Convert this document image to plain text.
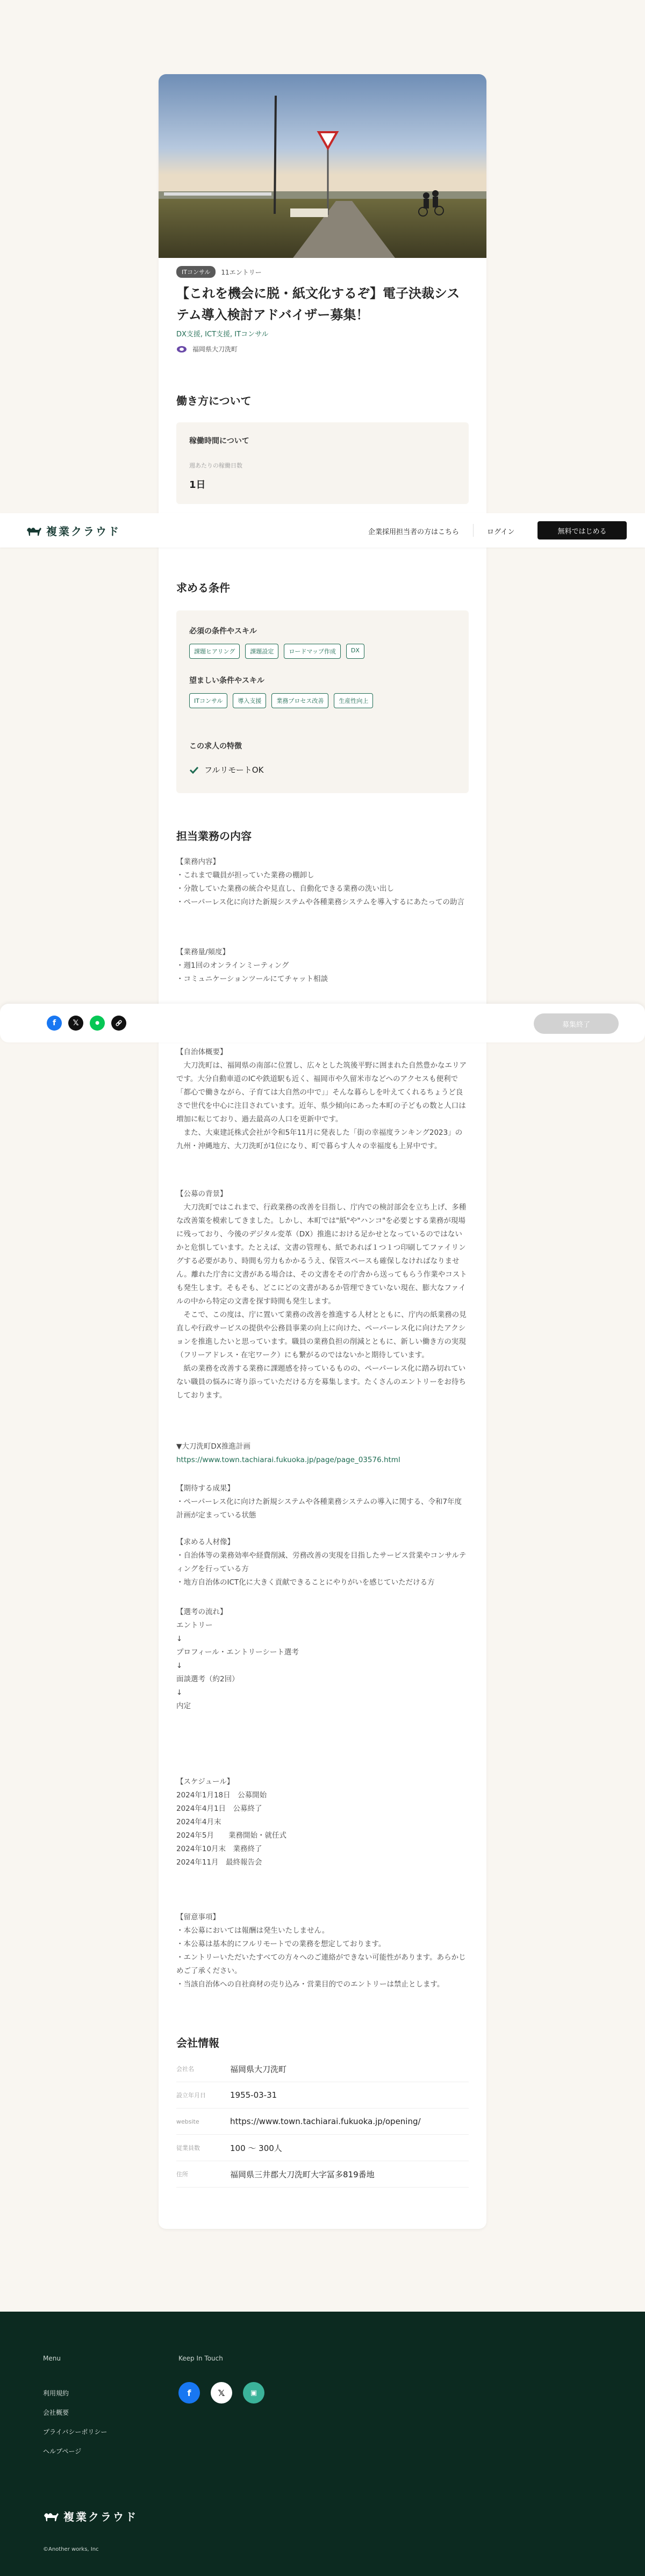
ITコンサル	11エントリー
【これを機会に脱・紙文化するぞ】電子決裁システム導入検討アドバイザー募集！
DX支援, ICT支援, ITコンサル
福岡県大刀洗町
働き方について
稼働時間について
週あたりの稼働日数
1日
求める条件
必須の条件やスキル
課題ヒアリング	課題設定	ロードマップ作成	DX
望ましい条件やスキル
ITコンサル	導入支援	業務プロセス改善	生産性向上
この求人の特徴
フルリモートOK
担当業務の内容
【業務内容】
・これまで職員が担っていた業務の棚卸し
・分散していた業務の統合や見直し、自動化できる業務の洗い出し
・ペーパーレス化に向けた新規システムや各種業務システムを導入するにあたっての助言
【業務量/頻度】
・週1回のオンラインミーティング
・コミュニケーションツールにてチャット相談
【自治体概要】
　大刀洗町は、福岡県の南部に位置し、広々とした筑後平野に囲まれた自然豊かなエリアです。大分自動車道のICや鉄道駅も近く、福岡市や久留米市などへのアクセスも便利で「都心で働きながら、子育ては大自然の中で」」そんな暮らしを叶えてくれるちょうど良さで世代を中心に注目されています。近年、県少傾向にあった本町の子どもの数と人口は増加に転じており、過去最高の人口を更新中です。
　また、大東建託株式会社が令和5年11月に発表した「街の幸福度ランキング2023」の九州・沖縄地方、大刀洗町が1位になり、町で暮らす人々の幸福度も上昇中です。
【公募の背景】
　大刀洗町ではこれまで、行政業務の改善を目指し、庁内での検討部会を立ち上げ、多種な改善策を模索してきました。しかし、本町では"紙"や"ハンコ"を必要とする業務が現場に残っており、今後のデジタル変革（DX）推進における足かせとなっているのではないかと危惧しています。たとえば、文書の管理も、紙であれば１つ１つ印刷してファイリングする必要があり、時間も労力もかかるうえ、保管スペースも確保しなければなりません。離れた庁舎に文書がある場合は、その文書をその庁舎から送ってもらう作業やコストも発生します。そもそも、どこにどの文書があるか管理できていない現在、膨大なファイルの中から特定の文書を探す時間も発生します。
　そこで、この度は、庁に置いて業務の改善を推進する人材とともに、庁内の紙業務の見直しや行政サービスの提供や公務員事業の向上に向けた、ペーパーレス化に向けたアクションを推進したいと思っています。職員の業務負担の削減とともに、新しい働き方の実現（フリーアドレス・在宅ワーク）にも繋がるのではないかと期待しています。
　紙の業務を改善する業務に課題感を持っているものの、ペーパーレス化に踏み切れていない職員の悩みに寄り添っていただける方を募集します。たくさんのエントリーをお待ちしております。
▼大刀洗町DX推進計画
https://www.town.tachiarai.fukuoka.jp/page/page_03576.html
【期待する成果】
・ペーパーレス化に向けた新規システムや各種業務システムの導入に関する、令和7年度計画が定まっている状態
【求める人材像】
・自治体等の業務効率や経費削減、労務改善の実現を目指したサービス営業やコンサルティングを行っている方
・地方自治体のICT化に大きく貢献できることにやりがいを感じていただける方
【選考の流れ】
エントリー
↓
プロフィール・エントリーシート選考
↓
面談選考（約2回）
↓
内定
【スケジュール】
2024年1月18日　公募開始
2024年4月1日　公募終了
2024年4月末
2024年5月　　業務開始・就任式
2024年10月末　業務終了
2024年11月　最終報告会
【留意事項】
・本公募においては報酬は発生いたしません。
・本公募は基本的にフルリモートでの業務を想定しております。
・エントリーいただいたすべての方々へのご連絡ができない可能性があります。あらかじめご了承ください。
・当該自治体への自社商材の売り込み・営業目的でのエントリーは禁止とします。
会社情報
会社名	福岡県大刀洗町
設立年月日	1955-03-31
website	https://www.town.tachiarai.fukuoka.jp/opening/
従業員数	100 〜 300人
住所	福岡県三井郡大刀洗町大字冨多819番地
複業クラウド	企業採用担当者の方はこちら	ログイン	無料ではじめる
f	𝕏	●	募集終了
Menu
利用規約
会社概要
プライバシーポリシー
ヘルプページ
Keep In Touch
f	𝕏	▣
複業クラウド
©Another works, Inc
